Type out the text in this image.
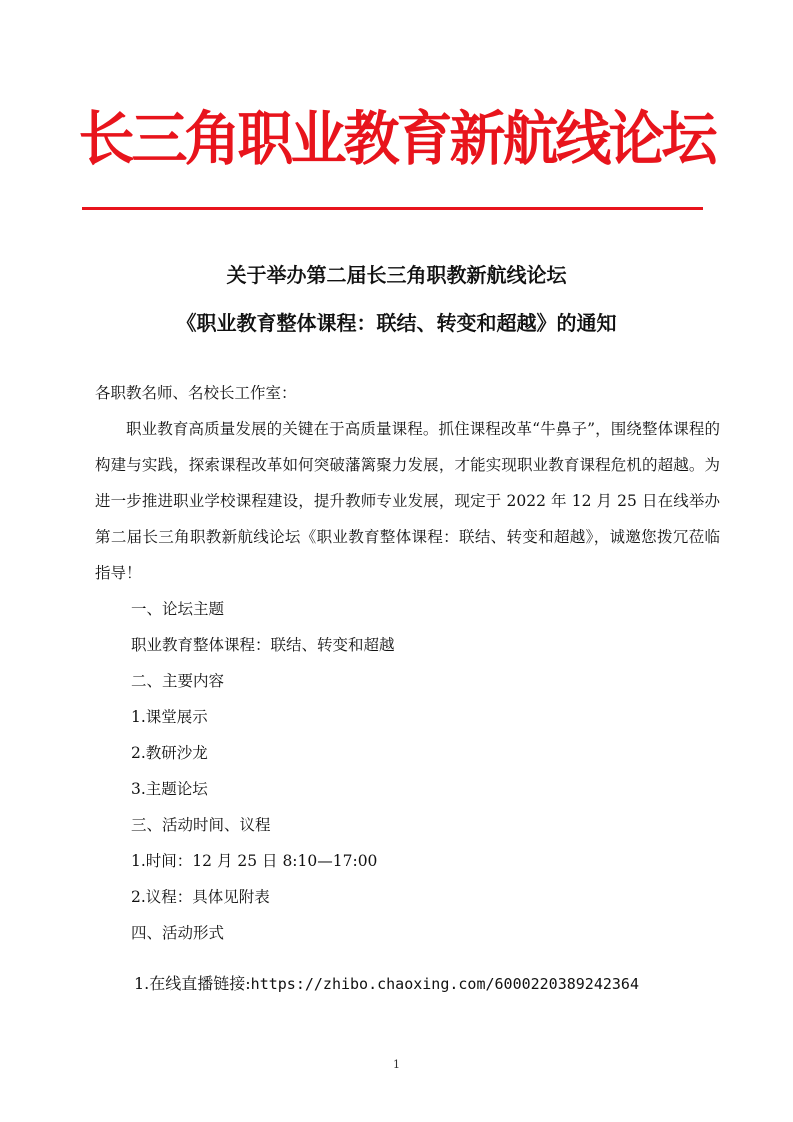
长三角职业教育新航线论坛
关于举办第二届长三角职教新航线论坛
《职业教育整体课程：联结、转变和超越》的通知

各职教名师、名校长工作室：

职业教育高质量发展的关键在于高质量课程。抓住课程改革“牛鼻子”，围绕整体课程的构建与实践，探索课程改革如何突破藩篱聚力发展，才能实现职业教育课程危机的超越。为进一步推进职业学校课程建设，提升教师专业发展，现定于 2022 年 12 月 25 日在线举办第二届长三角职教新航线论坛《职业教育整体课程：联结、转变和超越》，诚邀您拨冗莅临指导！

一、论坛主题

职业教育整体课程：联结、转变和超越

二、主要内容

1.课堂展示

2.教研沙龙

3.主题论坛

三、活动时间、议程

1.时间：12 月 25 日 8:10—17:00

2.议程：具体见附表

四、活动形式

1.在线直播链接:https://zhibo.chaoxing.com/6000220389242364
1
